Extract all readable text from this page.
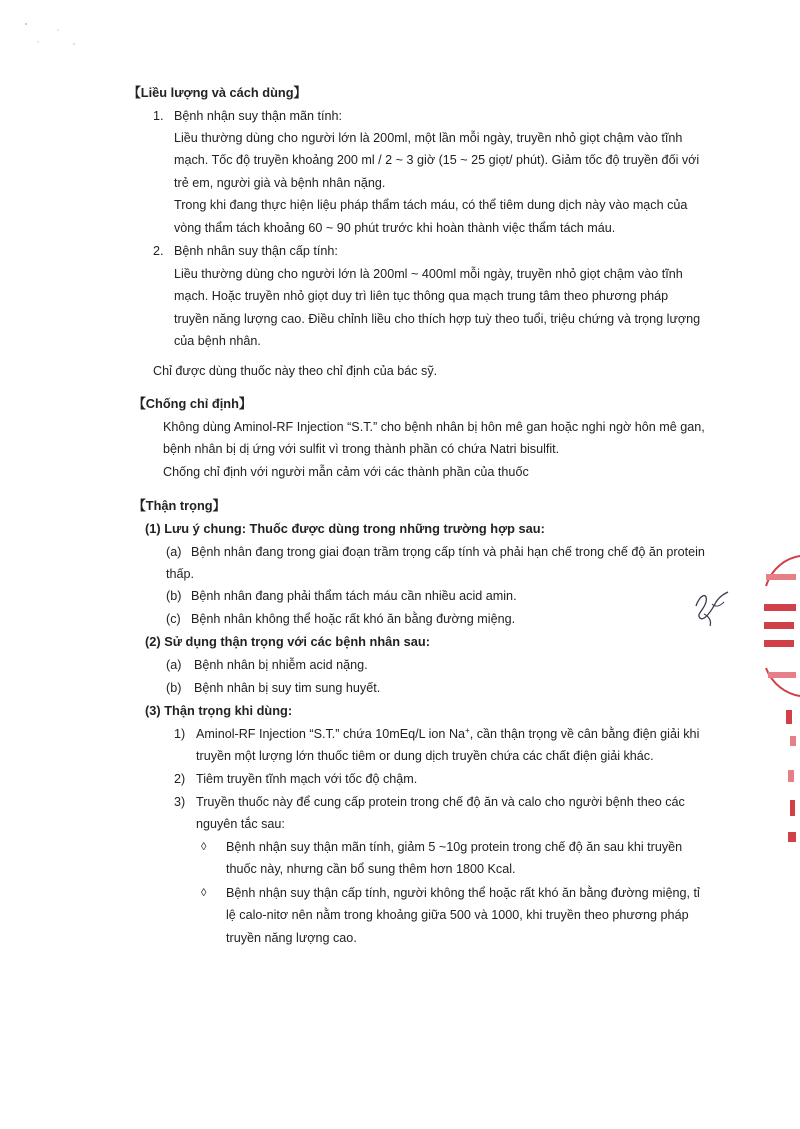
【Liều lượng và cách dùng】
1. Bệnh nhận suy thận mãn tính:
Liều thường dùng cho người lớn là 200ml, một lần mỗi ngày, truyền nhỏ giọt chậm vào tĩnh
mạch. Tốc độ truyền khoảng 200 ml / 2 ~ 3 giờ (15 ~ 25 giọt/ phút). Giảm tốc độ truyền đối với
trẻ em, người già và bệnh nhân nặng.
Trong khi đang thực hiện liệu pháp thẩm tách máu, có thể tiêm dung dịch này vào mạch của
vòng thẩm tách khoảng 60 ~ 90 phút trước khi hoàn thành việc thẩm tách máu.
2. Bệnh nhân suy thận cấp tính:
Liều thường dùng cho người lớn là 200ml ~ 400ml mỗi ngày, truyền nhỏ giọt chậm vào tĩnh
mạch. Hoặc truyền nhỏ giọt duy trì liên tục thông qua mạch trung tâm theo phương pháp
truyền năng lượng cao. Điều chỉnh liều cho thích hợp tuỳ theo tuổi, triệu chứng và trọng lượng
của bệnh nhân.
Chỉ được dùng thuốc này theo chỉ định của bác sỹ.
【Chống chỉ định】
Không dùng Aminol-RF Injection “S.T.” cho bệnh nhân bị hôn mê gan hoặc nghi ngờ hôn mê gan,
bệnh nhân bị dị ứng với sulfit vì trong thành phần có chứa Natri bisulfit.
Chống chỉ định với người mẫn cảm với các thành phần của thuốc
【Thận trọng】
(1) Lưu ý chung: Thuốc được dùng trong những trường hợp sau:
(a) Bệnh nhân đang trong giai đoạn trầm trọng cấp tính và phải hạn chế trong chế độ ăn protein
thấp.
(b) Bệnh nhân đang phải thẩm tách máu cần nhiều acid amin.
(c) Bệnh nhân không thể hoặc rất khó ăn bằng đường miệng.
(2) Sử dụng thận trọng với các bệnh nhân sau:
(a) Bệnh nhân bị nhiễm acid nặng.
(b) Bệnh nhân bị suy tim sung huyết.
(3) Thận trọng khi dùng:
1) Aminol-RF Injection “S.T.” chứa 10mEq/L ion Na+, cần thận trọng về cân bằng điện giải khi
truyền một lượng lớn thuốc tiêm or dung dịch truyền chứa các chất điện giải khác.
2) Tiêm truyền tĩnh mạch với tốc độ chậm.
3) Truyền thuốc này để cung cấp protein trong chế độ ăn và calo cho người bệnh theo các
nguyên tắc sau:
◊ Bệnh nhận suy thận mãn tính, giảm 5 ~10g protein trong chế độ ăn sau khi truyền
thuốc này, nhưng cần bổ sung thêm hơn 1800 Kcal.
◊ Bệnh nhận suy thận cấp tính, người không thể hoặc rất khó ăn bằng đường miệng, tỉ
lệ calo-nitơ nên nằm trong khoảng giữa 500 và 1000, khi truyền theo phương pháp
truyền năng lượng cao.
